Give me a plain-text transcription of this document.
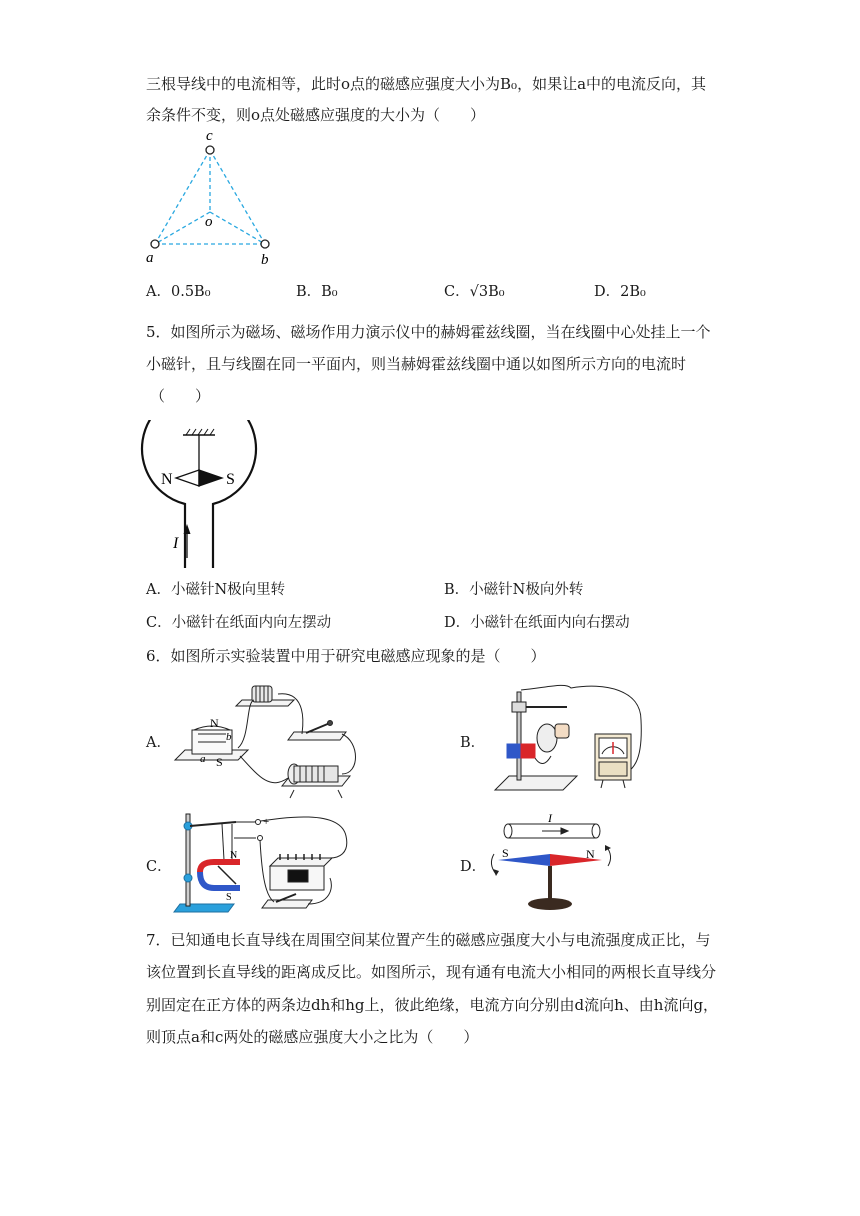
三根导线中的电流相等，此时o点的磁感应强度大小为B₀，如果让a中的电流反向，其
余条件不变，则o点处磁感应强度的大小为（　　）
c
o
a	b
A．0.5B₀	B．B₀	C．√3B₀	D．2B₀
5．如图所示为磁场、磁场作用力演示仪中的赫姆霍兹线圈，当在线圈中心处挂上一个
小磁针，且与线圈在同一平面内，则当赫姆霍兹线圈中通以如图所示方向的电流时
（　　）
N	S
I
A．小磁针N极向里转	B．小磁针N极向外转
C．小磁针在纸面内向左摆动	D．小磁针在纸面内向右摆动
6．如图所示实验装置中用于研究电磁感应现象的是（　　）
A．	B．
C．	D．
N
S
a
b
+
N
S
I
S	N
7．已知通电长直导线在周围空间某位置产生的磁感应强度大小与电流强度成正比，与
该位置到长直导线的距离成反比。如图所示，现有通有电流大小相同的两根长直导线分
别固定在正方体的两条边dh和hg上，彼此绝缘，电流方向分别由d流向h、由h流向g，
则顶点a和c两处的磁感应强度大小之比为（　　）
